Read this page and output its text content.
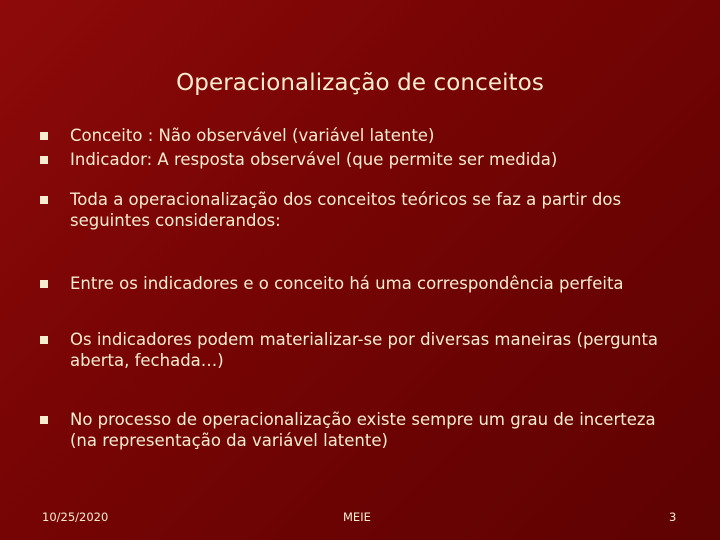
Operacionalização de conceitos
Conceito : Não observável (variável latente)
Indicador: A resposta observável (que permite ser medida)
Toda a operacionalização dos conceitos teóricos se faz a partir dos seguintes considerandos:
Entre os indicadores e o conceito há uma correspondência perfeita
Os indicadores podem materializar-se por diversas maneiras (pergunta aberta, fechada…)
No processo de operacionalização existe sempre um grau de incerteza (na representação da variável latente)
10/25/2020	MEIE	3
